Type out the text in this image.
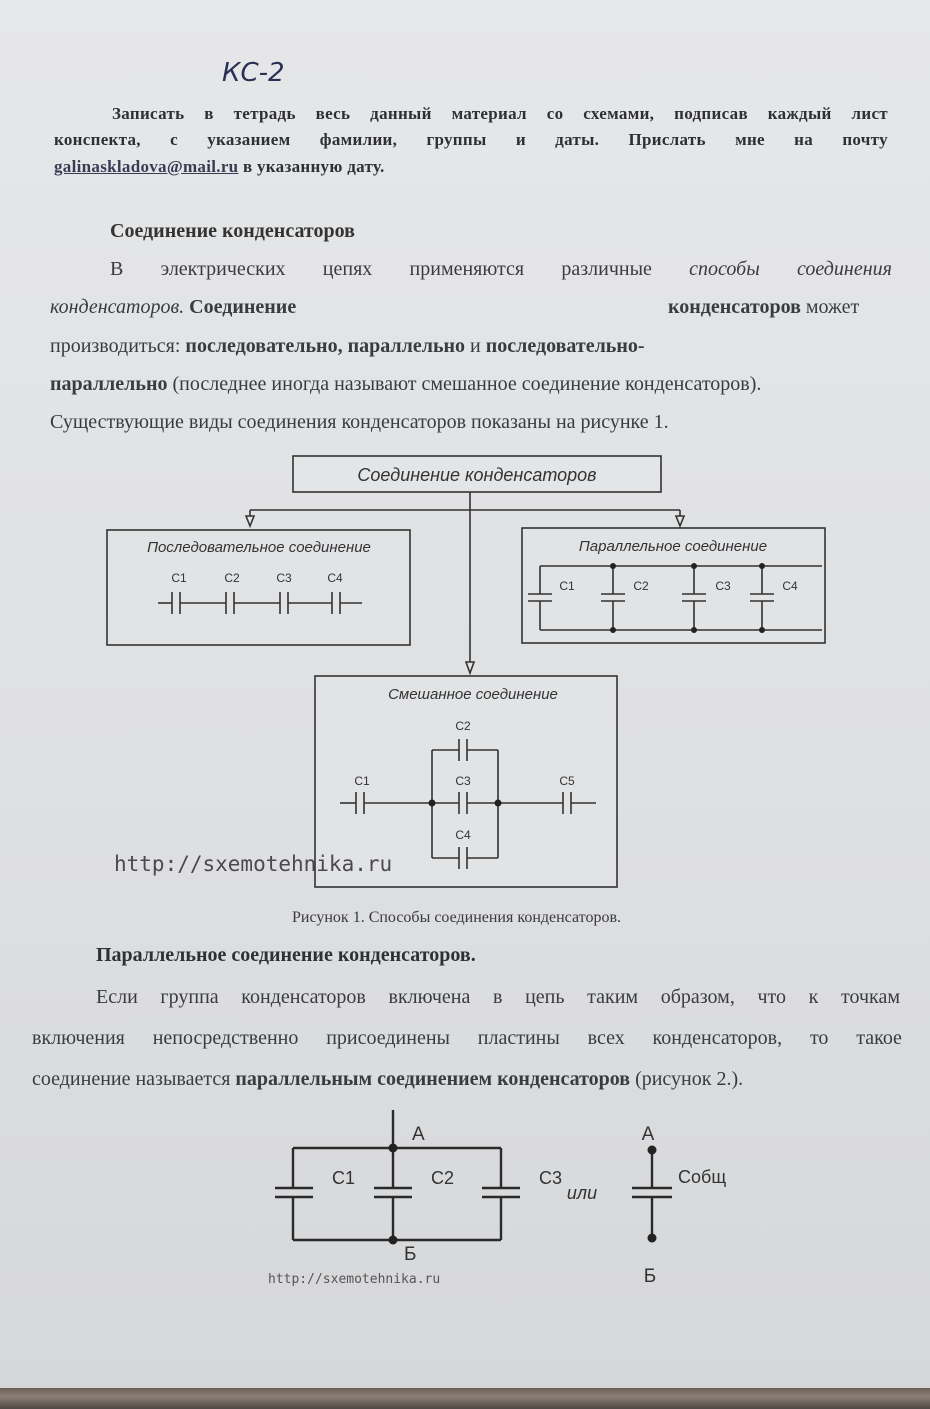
КС-2
Записать в тетрадь весь данный материал со схемами, подписав каждый лист
конспекта, с указанием фамилии, группы и даты. Прислать мне на почту
galinaskladova@mail.ru в указанную дату.
Соединение конденсаторов
В электрических цепях применяются различные способы соединения
конденсаторов. Соединение	конденсаторов может
производиться: последовательно, параллельно и последовательно-
параллельно (последнее иногда называют смешанное соединение конденсаторов).
Существующие виды соединения конденсаторов показаны на рисунке 1.
Соединение конденсаторов
Последовательное соединение	Параллельное соединение
Смешанное соединение
C1	C2	C3	C4
C1	C2	C3	C4
C1
C2
C3
C4
C5
http://sxemotehnika.ru
А
Б
C1	C2	C3
или
А
Б
Cобщ
http://sxemotehnika.ru
Рисунок 1. Способы соединения конденсаторов.
Параллельное соединение конденсаторов.
Если группа конденсаторов включена в цепь таким образом, что к точкам
включения непосредственно присоединены пластины всех конденсаторов, то такое
соединение называется параллельным соединением конденсаторов (рисунок 2.).
